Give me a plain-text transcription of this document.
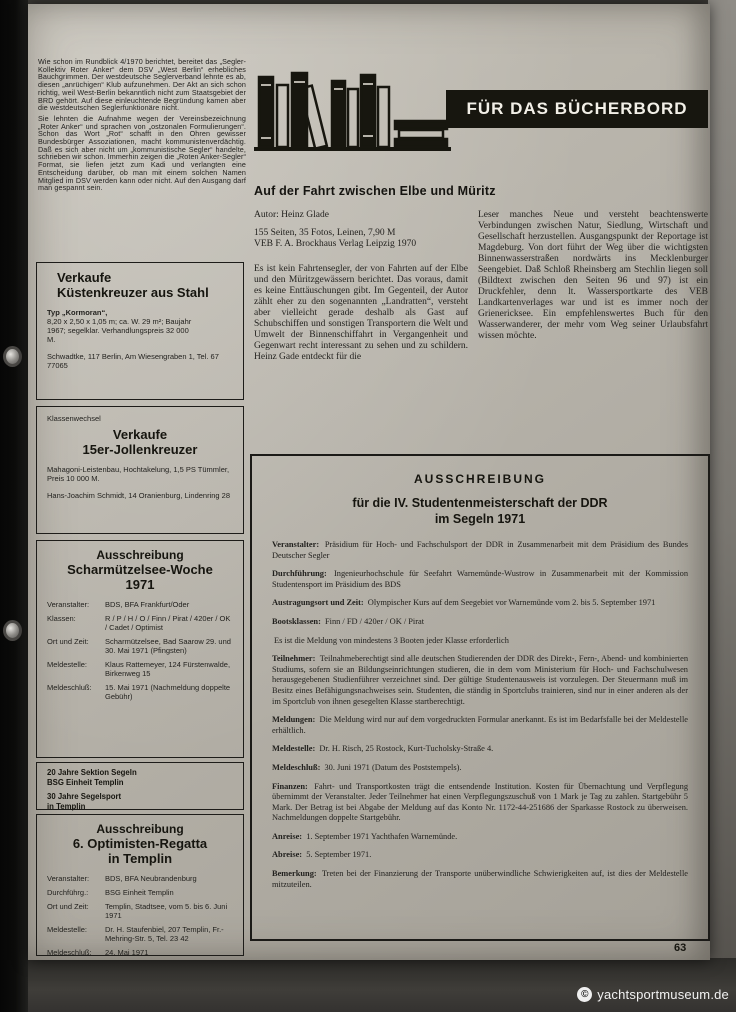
Wie schon im Rundblick 4/1970 berichtet, bereitet das „Segler-Kollektiv Roter Anker“ dem DSV „West Berlin“ erhebliches Bauchgrimmen. Der westdeutsche Seglerverband lehnte es ab, diesen „anrüchigen“ Klub aufzunehmen. Der Akt an sich schon richtig, weil West-Berlin bekanntlich nicht zum Staatsgebiet der BRD gehört. Auf diese einleuchtende Begründung kamen aber die westdeutschen Seglerfunktionäre nicht.

Sie lehnten die Aufnahme wegen der Vereinsbezeichnung „Roter Anker“ und sprachen von „ostzonalen Formulierungen“. Schon das Wort „Rot“ schafft in den Ohren gewisser Bundesbürger Assoziationen, macht kommunistenverdächtig. Daß es sich aber nicht um „kommunistische Segler“ handelte, schrieben wir schon. Immerhin zeigen die „Roten Anker-Segler“ Format, sie liefen jetzt zum Kadi und verlangten eine Entscheidung darüber, ob man mit einem solchen Namen Mitglied im DSV werden kann oder nicht. Auf den Ausgang darf man gespannt sein.

FÜR DAS BÜCHERBORD
Auf der Fahrt zwischen Elbe und Müritz
Autor: Heinz Glade
155 Seiten, 35 Fotos, Leinen, 7,90 M
VEB F. A. Brockhaus Verlag Leipzig 1970
Es ist kein Fahrtensegler, der von Fahrten auf der Elbe und den Müritzgewässern berichtet. Das voraus, damit es keine Enttäuschungen gibt. Im Gegenteil, der Autor zählt eher zu den sogenannten „Landratten“, versteht aber vielleicht gerade deshalb als Gast auf Schubschiffen und sonstigen Transportern die Welt und Umwelt der Binnenschiffahrt in Vergangenheit und Gegenwart recht interessant zu sehen und zu schildern. Heinz Gade entdeckt für die
Leser manches Neue und versteht beachtenswerte Verbindungen zwischen Natur, Siedlung, Wirtschaft und Gesellschaft herzustellen. Ausgangspunkt der Reportage ist Magdeburg. Von dort führt der Weg über die wichtigsten Binnenwasserstraßen nordwärts ins Mecklenburger Seengebiet. Daß Schloß Rheinsberg am Stechlin liegen soll (Bildtext zwischen den Seiten 96 und 97) ist ein Druckfehler, denn lt. Wassersportkarte des VEB Landkartenverlages war und ist es immer noch der Grienericksee. Ein empfehlenswertes Buch für den Wasserwanderer, der mehr vom Weg seiner Urlaubsfahrt wissen möchte.
Verkaufe
Küstenkreuzer aus Stahl
Typ „Kormoran“,
8,20 x 2,50 x 1,05 m; ca. W. 29 m²; Baujahr 1967; segelklar. Verhandlungspreis 32 000 M.
Schwadtke, 117 Berlin, Am Wiesengraben 1, Tel. 67 77065
Klassenwechsel
Verkaufe
15er-Jollenkreuzer
Mahagoni-Leistenbau, Hochtakelung, 1,5 PS Tümmler, Preis 10 000 M.
Hans-Joachim Schmidt, 14 Oranienburg, Lindenring 28
Ausschreibung
Scharmützelsee-Woche
1971
Veranstalter:	BDS, BFA Frankfurt/Oder
Klassen:	R / P / H / O / Finn / Pirat / 420er / OK / Cadet / Optimist
Ort und Zeit:	Scharmützelsee, Bad Saarow 29. und 30. Mai 1971 (Pfingsten)
Meldestelle:	Klaus Rattemeyer, 124 Fürstenwalde, Birkenweg 15
Meldeschluß:	15. Mai 1971 (Nachmeldung doppelte Gebühr)
20 Jahre Sektion Segeln
BSG Einheit Templin
30 Jahre Segelsport
in Templin
Ausschreibung
6. Optimisten-Regatta
in Templin
Veranstalter:	BDS, BFA Neubrandenburg
Durchführg.:	BSG Einheit Templin
Ort und Zeit:	Templin, Stadtsee, vom 5. bis 6. Juni 1971
Meldestelle:	Dr. H. Staufenbiel, 207 Templin, Fr.-Mehring-Str. 5, Tel. 23 42
Meldeschluß:	24. Mai 1971
AUSSCHREIBUNG
für die IV. Studentenmeisterschaft der DDR
im Segeln 1971

Veranstalter: Präsidium für Hoch- und Fachschulsport der DDR in Zusammenarbeit mit dem Präsidium des Bundes Deutscher Segler

Durchführung: Ingenieurhochschule für Seefahrt Warnemünde-Wustrow in Zusammenarbeit mit der Kommission Studentensport im Präsidium des BDS

Austragungsort und Zeit: Olympischer Kurs auf dem Seegebiet vor Warnemünde vom 2. bis 5. September 1971

Bootsklassen: Finn / FD / 420er / OK / Pirat

Es ist die Meldung von mindestens 3 Booten jeder Klasse erforderlich

Teilnehmer: Teilnahmeberechtigt sind alle deutschen Studierenden der DDR des Direkt-, Fern-, Abend- und kombinierten Studiums, sofern sie an Bildungseinrichtungen studieren, die in dem vom Ministerium für Hoch- und Fachschulwesen herausgegebenen Studienführer verzeichnet sind. Der gültige Studentenausweis ist vorzulegen. Der Steuermann muß im Besitz eines Befähigungsnachweises sein. Studenten, die ständig in Sportclubs trainieren, sind nur in einer anderen als der im Sportclub von ihnen gesegelten Klasse startberechtigt.

Meldungen: Die Meldung wird nur auf dem vorgedruckten Formular anerkannt. Es ist im Bedarfsfalle bei der Meldestelle erhältlich.

Meldestelle: Dr. H. Risch, 25 Rostock, Kurt-Tucholsky-Straße 4.

Meldeschluß: 30. Juni 1971 (Datum des Poststempels).

Finanzen: Fahrt- und Transportkosten trägt die entsendende Institution. Kosten für Übernachtung und Verpflegung übernimmt der Veranstalter. Jeder Teilnehmer hat einen Verpflegungszuschuß von 1 Mark je Tag zu zahlen. Startgebühr 5 Mark. Der Betrag ist bei Abgabe der Meldung auf das Konto Nr. 1172-44-251686 der Sparkasse Rostock zu überweisen. Nachmeldungen doppelte Startgebühr.

Anreise: 1. September 1971 Yachthafen Warnemünde.

Abreise: 5. September 1971.

Bemerkung: Treten bei der Finanzierung der Transporte unüberwindliche Schwierigkeiten auf, ist dies der Meldestelle mitzuteilen.

63
© yachtsportmuseum.de
